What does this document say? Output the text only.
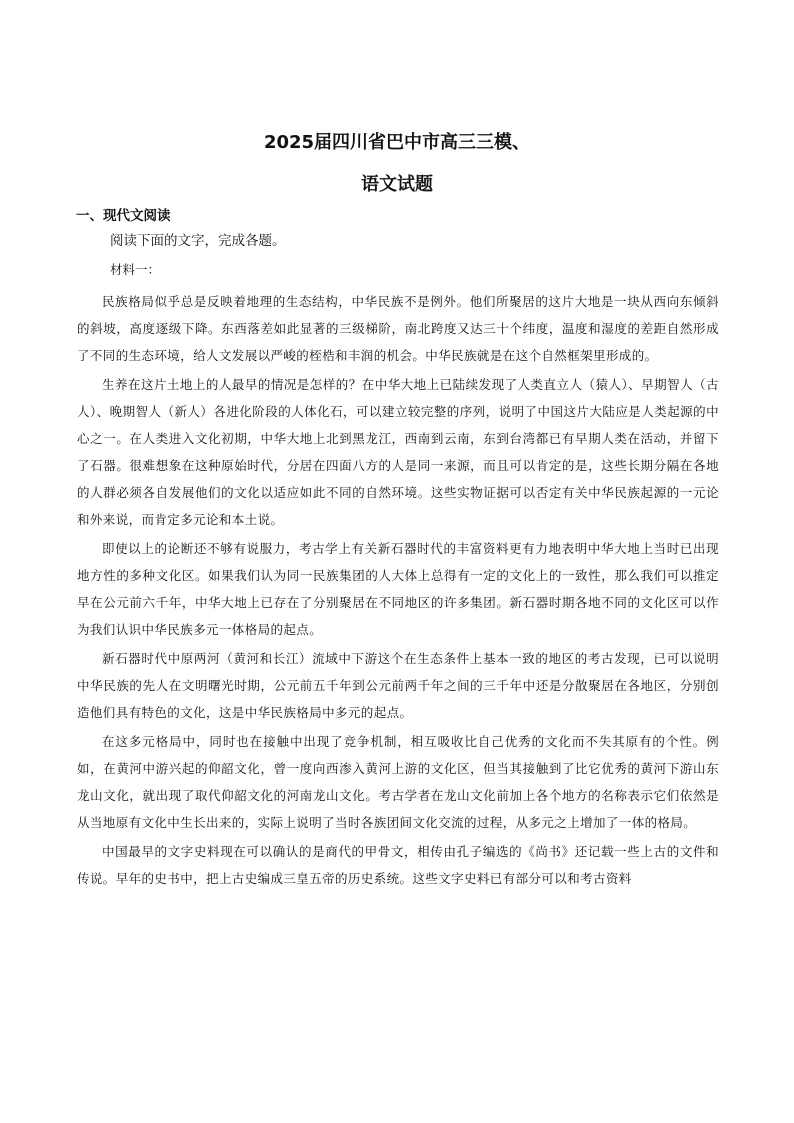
2025届四川省巴中市高三三模、
语文试题
一、现代文阅读
阅读下面的文字，完成各题。
材料一：

民族格局似乎总是反映着地理的生态结构，中华民族不是例外。他们所聚居的这片大地是一块从西向东倾斜的斜坡，高度逐级下降。东西落差如此显著的三级梯阶，南北跨度又达三十个纬度，温度和湿度的差距自然形成了不同的生态环境，给人文发展以严峻的桎梏和丰润的机会。中华民族就是在这个自然框架里形成的。

生养在这片土地上的人最早的情况是怎样的？在中华大地上已陆续发现了人类直立人（猿人）、早期智人（古人）、晚期智人（新人）各进化阶段的人体化石，可以建立较完整的序列，说明了中国这片大陆应是人类起源的中心之一。在人类进入文化初期，中华大地上北到黑龙江，西南到云南，东到台湾都已有早期人类在活动，并留下了石器。很难想象在这种原始时代，分居在四面八方的人是同一来源，而且可以肯定的是，这些长期分隔在各地的人群必须各自发展他们的文化以适应如此不同的自然环境。这些实物证据可以否定有关中华民族起源的一元论和外来说，而肯定多元论和本土说。

即使以上的论断还不够有说服力，考古学上有关新石器时代的丰富资料更有力地表明中华大地上当时已出现地方性的多种文化区。如果我们认为同一民族集团的人大体上总得有一定的文化上的一致性，那么我们可以推定早在公元前六千年，中华大地上已存在了分别聚居在不同地区的许多集团。新石器时期各地不同的文化区可以作为我们认识中华民族多元一体格局的起点。

新石器时代中原两河（黄河和长江）流域中下游这个在生态条件上基本一致的地区的考古发现，已可以说明中华民族的先人在文明曙光时期，公元前五千年到公元前两千年之间的三千年中还是分散聚居在各地区，分别创造他们具有特色的文化，这是中华民族格局中多元的起点。

在这多元格局中，同时也在接触中出现了竞争机制，相互吸收比自己优秀的文化而不失其原有的个性。例如，在黄河中游兴起的仰韶文化，曾一度向西渗入黄河上游的文化区，但当其接触到了比它优秀的黄河下游山东龙山文化，就出现了取代仰韶文化的河南龙山文化。考古学者在龙山文化前加上各个地方的名称表示它们依然是从当地原有文化中生长出来的，实际上说明了当时各族团间文化交流的过程，从多元之上增加了一体的格局。

中国最早的文字史料现在可以确认的是商代的甲骨文，相传由孔子编选的《尚书》还记载一些上古的文件和传说。早年的史书中，把上古史编成三皇五帝的历史系统。这些文字史料已有部分可以和考古资料
